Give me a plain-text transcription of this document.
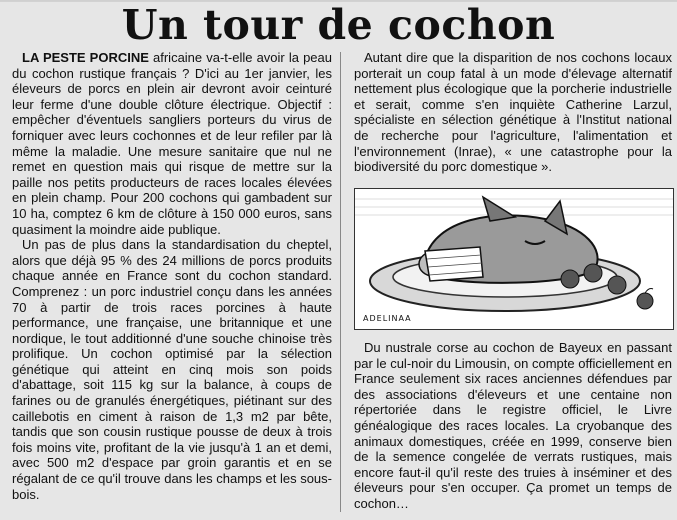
Un tour de cochon

LA PESTE PORCINE africaine va-t-elle avoir la peau du cochon rustique français ? D'ici au 1er janvier, les éleveurs de porcs en plein air devront avoir ceinturé leur ferme d'une double clôture électrique. Objectif : empêcher d'éventuels sangliers porteurs du virus de forniquer avec leurs cochonnes et de leur refiler par là même la maladie. Une mesure sanitaire que nul ne remet en question mais qui risque de mettre sur la paille nos petits producteurs de races locales élevées en plein champ. Pour 200 cochons qui gambadent sur 10 ha, comptez 6 km de clôture à 150 000 euros, sans quasiment la moindre aide publique.

Un pas de plus dans la standardisation du cheptel, alors que déjà 95 % des 24 millions de porcs produits chaque année en France sont du cochon standard. Comprenez : un porc industriel conçu dans les années 70 à partir de trois races porcines à haute performance, une française, une britannique et une nordique, le tout additionné d'une souche chinoise très prolifique. Un cochon optimisé par la sélection génétique qui atteint en cinq mois son poids d'abattage, soit 115 kg sur la balance, à coups de farines ou de granulés énergétiques, piétinant sur des caillebotis en ciment à raison de 1,3 m2 par bête, tandis que son cousin rustique pousse de deux à trois fois moins vite, profitant de la vie jusqu'à 1 an et demi, avec 500 m2 d'espace par groin garantis et en se régalant de ce qu'il trouve dans les champs et les sous-bois.

Autant dire que la disparition de nos cochons locaux porterait un coup fatal à un mode d'élevage alternatif nettement plus écologique que la porcherie industrielle et serait, comme s'en inquiète Catherine Larzul, spécialiste en sélection génétique à l'Institut national de recherche pour l'agriculture, l'alimentation et l'environnement (Inrae), « une catastrophe pour la biodiversité du porc domestique ».

ADELINAA

Du nustrale corse au cochon de Bayeux en passant par le cul-noir du Limousin, on compte officiellement en France seulement six races anciennes défendues par des associations d'éleveurs et une centaine non répertoriée dans le registre officiel, le Livre généalogique des races locales. La cryobanque des animaux domestiques, créée en 1999, conserve bien de la semence congelée de verrats rustiques, mais encore faut-il qu'il reste des truies à inséminer et des éleveurs pour s'en occuper. Ça promet un temps de cochon…
